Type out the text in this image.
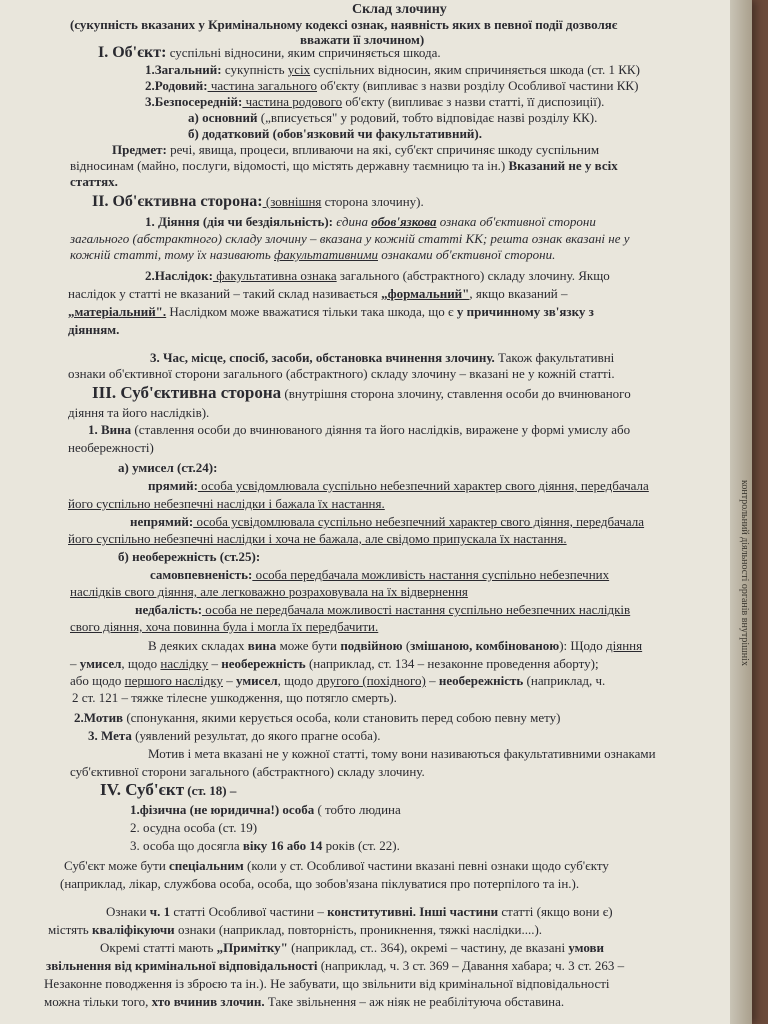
контрольний діяльності органів внутрішніх
Склад злочину
(сукупність вказаних у Кримінальному кодексі ознак, наявність яких в певної події дозволяє
вважати її злочином)
I. Об'єкт: суспільні відносини, яким спричиняється шкода.
1.Загальний: сукупність усіх суспільних відносин, яким спричиняється шкода (ст. 1 КК)
2.Родовий: частина загального об'єкту (випливає з назви розділу Особливої частини КК)
3.Безпосередній: частина родового об'єкту (випливає з назви статті, її диспозиції).
а) основний („вписується" у родовий, тобто відповідає назві розділу КК).
б) додатковий (обов'язковий чи факультативний).
Предмет: речі, явища, процеси, впливаючи на які, суб'єкт спричиняє шкоду суспільним
відносинам (майно, послуги, відомості, що містять державну таємницю та ін.) Вказаний не у всіх
статтях.
II. Об'єктивна сторона: (зовнішня сторона злочину).
1. Діяння (дія чи бездіяльність): єдина обов'язкова ознака об'єктивної сторони
загального (абстрактного) складу злочину – вказана у кожній статті КК; решта ознак вказані не у
кожній статті, тому їх називають факультативними ознаками об'єктивної сторони.
2.Наслідок: факультативна ознака загального (абстрактного) складу злочину. Якщо
наслідок у статті не вказаний – такий склад називається „формальний", якщо вказаний –
„матеріальний". Наслідком може вважатися тільки така шкода, що є у причинному зв'язку з
діянням.
3. Час, місце, спосіб, засоби, обстановка вчинення злочину. Також факультативні
ознаки об'єктивної сторони загального (абстрактного) складу злочину – вказані не у кожній статті.
III. Суб'єктивна сторона (внутрішня сторона злочину, ставлення особи до вчинюваного
діяння та його наслідків).
1. Вина (ставлення особи до вчинюваного діяння та його наслідків, виражене у формі умислу або
необережності)
а) умисел (ст.24):
прямий: особа усвідомлювала суспільно небезпечний характер свого діяння, передбачала
його суспільно небезпечні наслідки і бажала їх настання.
непрямий: особа усвідомлювала суспільно небезпечний характер свого діяння, передбачала
його суспільно небезпечні наслідки і хоча не бажала, але свідомо припускала їх настання.
б) необережність (ст.25):
самовпевненість: особа передбачала можливість настання суспільно небезпечних
наслідків свого діяння, але легковажно розраховувала на їх відвернення
недбалість: особа не передбачала можливості настання суспільно небезпечних наслідків
свого діяння, хоча повинна була і могла їх передбачити.
В деяких складах вина може бути подвійною (змішаною, комбінованою): Щодо діяння
– умисел, щодо наслідку – необережність (наприклад, ст. 134 – незаконне проведення аборту);
або щодо першого наслідку – умисел, щодо другого (похідного) – необережність (наприклад, ч.
2 ст. 121 – тяжке тілесне ушкодження, що потягло смерть).
2.Мотив (спонукання, якими керується особа, коли становить перед собою певну мету)
3. Мета (уявлений результат, до якого прагне особа).
Мотив і мета вказані не у кожної статті, тому вони називаються факультативними ознаками
суб'єктивної сторони загального (абстрактного) складу злочину.
IV. Суб'єкт (ст. 18) –
1.фізична (не юридична!) особа ( тобто людина
2. осудна особа (ст. 19)
3. особа що досягла віку 16 або 14 років (ст. 22).
Суб'єкт може бути спеціальним (коли у ст. Особливої частини вказані певні ознаки щодо суб'єкту
(наприклад, лікар, службова особа, особа, що зобов'язана піклуватися про потерпілого та ін.).
Ознаки ч. 1 статті Особливої частини – конститутивні. Інші частини статті (якщо вони є)
містять кваліфікуючи ознаки (наприклад, повторність, проникнення, тяжкі наслідки....).
Окремі статті мають „Примітку" (наприклад, ст.. 364), окремі – частину, де вказані умови
звільнення від кримінальної відповідальності (наприклад, ч. 3 ст. 369 – Давання хабара; ч. 3 ст. 263 –
Незаконне поводження із зброєю та ін.). Не забувати, що звільнити від кримінальної відповідальності
можна тільки того, хто вчинив злочин. Таке звільнення – аж ніяк не реабілітуюча обставина.
